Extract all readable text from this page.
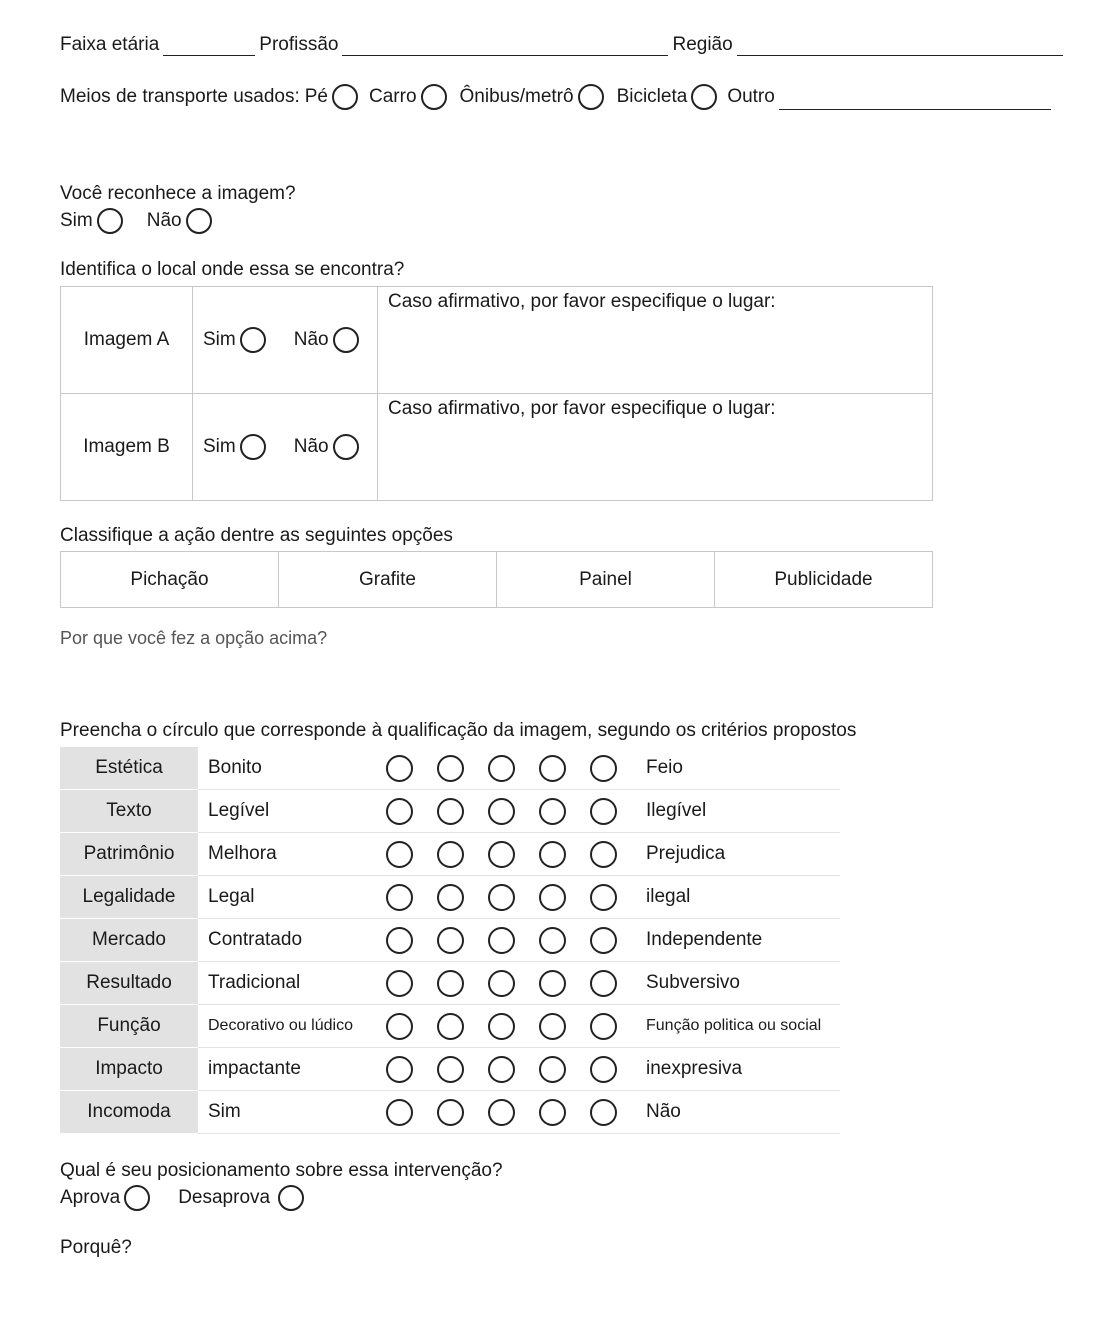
Faixa etária	Profissão	Região
Meios de transporte usados: Pé Carro Ônibus/metrô Bicicleta Outro
Você reconhece a imagem?
Sim	Não
Identifica o local onde essa se encontra?
Imagem A	Sim Não	Caso afirmativo, por favor especifique o lugar:
Imagem B	Sim Não	Caso afirmativo, por favor especifique o lugar:
Classifique a ação dentre as seguintes opções
Pichação	Grafite	Painel	Publicidade
Por que você fez a opção acima?
Preencha o círculo que corresponde à qualificação da imagem, segundo os critérios propostos
Estética	Bonito		Feio
Texto	Legível		Ilegível
Patrimônio	Melhora		Prejudica
Legalidade	Legal		ilegal
Mercado	Contratado		Independente
Resultado	Tradicional		Subversivo
Função	Decorativo ou lúdico		Função politica ou social
Impacto	impactante		inexpresiva
Incomoda	Sim		Não
Qual é seu posicionamento sobre essa intervenção?
Aprova	Desaprova
Porquê?
